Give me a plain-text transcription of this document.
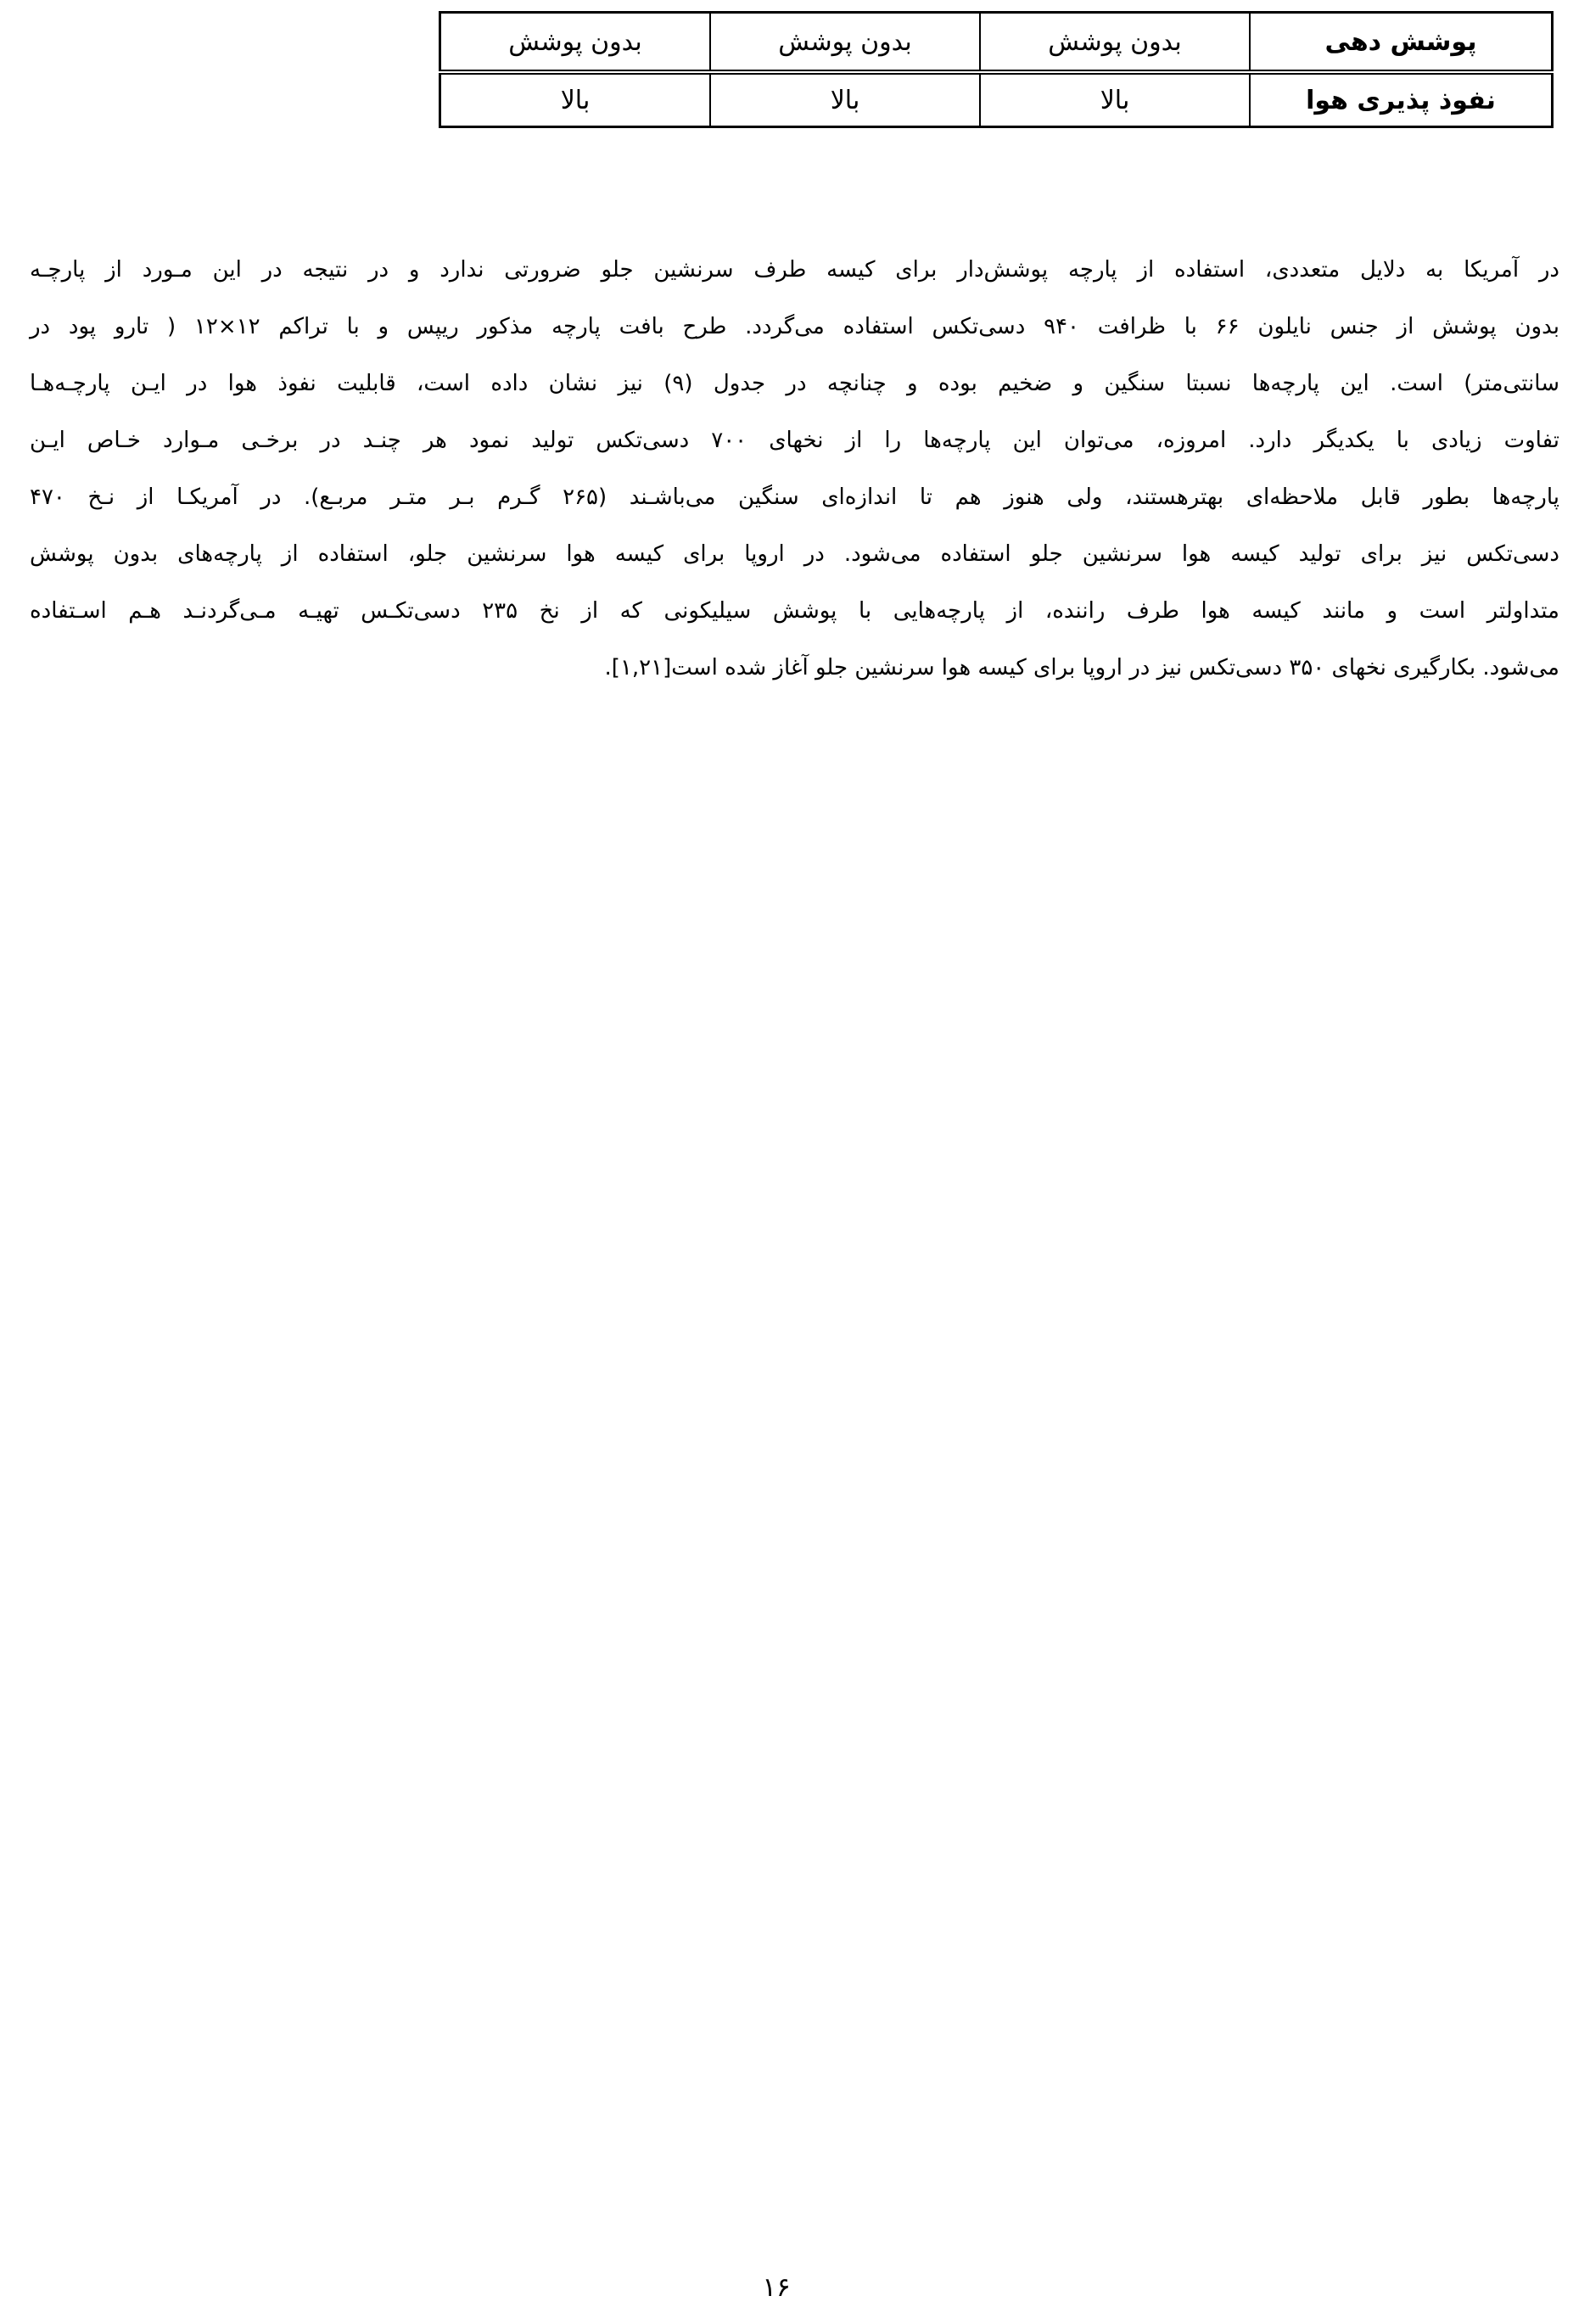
پوشش دهی	بدون پوشش	بدون پوشش	بدون پوشش
نفوذ پذیری هوا	بالا	بالا	بالا
در آمریکا به دلایل متعددی، استفاده از پارچه پوشش‌دار برای کیسه طرف سرنشین جلو ضرورتی ندارد و در نتیجه در این مـورد از پارچـه
بدون پوشش از جنس نایلون ۶۶ با ظرافت ۹۴۰ دسی‌تکس استفاده می‌گردد. طرح بافت پارچه مذکور ریپس و با تراکم ۱۲×۱۲ ( تارو پود در
سانتی‌متر) است. این پارچه‌ها نسبتا سنگین و ضخیم بوده و چنانچه در جدول (۹) نیز نشان داده است، قابلیت نفوذ هوا در ایـن پارچـه‌هـا
تفاوت زیادی با یکدیگر دارد. امروزه، می‌توان این پارچه‌ها را از نخهای ۷۰۰ دسی‌تکس تولید نمود هر چنـد در برخـی مـوارد خـاص ایـن
پارچه‌ها بطور قابل ملاحظه‌ای بهترهستند، ولی هنوز هم تا اندازه‌ای سنگین می‌باشـند (۲۶۵ گـرم بـر متـر مربـع). در آمریکـا از نـخ ۴۷۰
دسی‌تکس نیز برای تولید کیسه هوا سرنشین جلو استفاده می‌شود. در اروپا برای کیسه هوا سرنشین جلو، استفاده از پارچه‌های بدون پوشش
متداولتر است و مانند کیسه هوا طرف راننده، از پارچه‌هایی با پوشش سیلیکونی که از نخ ۲۳۵ دسی‌تکـس تهیـه مـی‌گردنـد هـم اسـتفاده
می‌شود. بکارگیری نخهای ۳۵۰ دسی‌تکس نیز در اروپا برای کیسه هوا سرنشین جلو آغاز شده است[۱,۲۱].
۱۶
